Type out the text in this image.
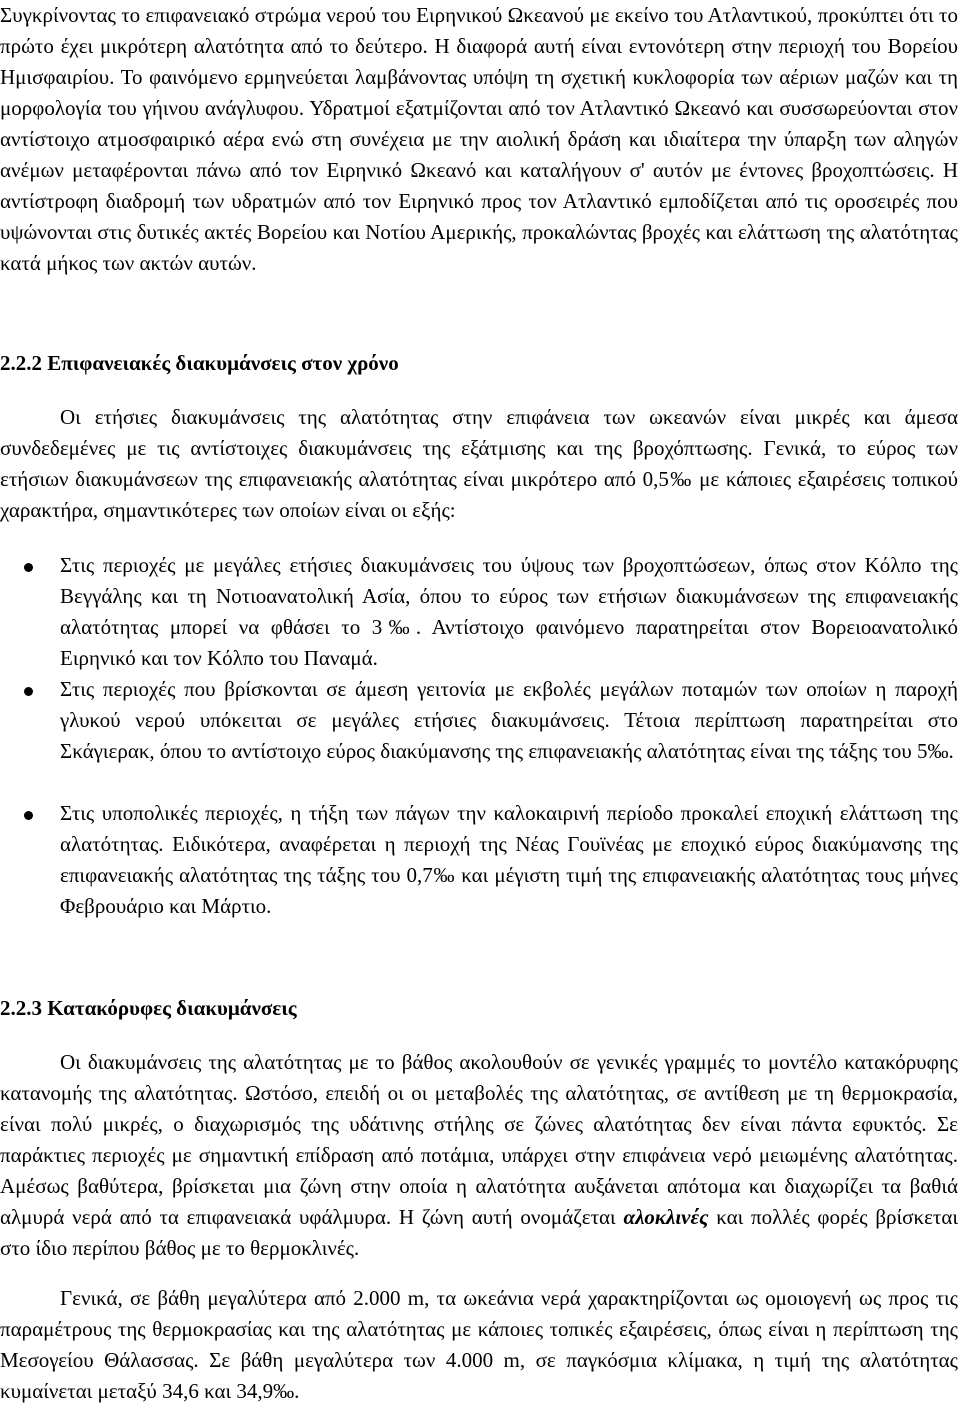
Συγκρίνοντας το επιφανειακό στρώμα νερού του Ειρηνικού Ωκεανού με εκείνο του Ατλαντικού, προκύπτει ότι το πρώτο έχει μικρότερη αλατότητα από το δεύτερο. Η διαφορά αυτή είναι εντονότερη στην περιοχή του Βορείου Ημισφαιρίου. Το φαινόμενο ερμηνεύεται λαμβάνοντας υπόψη τη σχετική κυκλοφορία των αέριων μαζών και τη μορφολογία του γήινου ανάγλυφου. Υδρατμοί εξατμίζονται από τον Ατλαντικό Ωκεανό και συσσωρεύονται στον αντίστοιχο ατμοσφαιρικό αέρα ενώ στη συνέχεια με την αιολική δράση και ιδιαίτερα την ύπαρξη των αληγών ανέμων μεταφέρονται πάνω από τον Ειρηνικό Ωκεανό και καταλήγουν σ' αυτόν με έντονες βροχοπτώσεις. Η αντίστροφη διαδρομή των υδρατμών από τον Ειρηνικό προς τον Ατλαντικό εμποδίζεται από τις οροσειρές που υψώνονται στις δυτικές ακτές Βορείου και Νοτίου Αμερικής, προκαλώντας βροχές και ελάττωση της αλατότητας κατά μήκος των ακτών αυτών.

2.2.2 Επιφανειακές διακυμάνσεις στον χρόνο

Οι ετήσιες διακυμάνσεις της αλατότητας στην επιφάνεια των ωκεανών είναι μικρές και άμεσα συνδεδεμένες με τις αντίστοιχες διακυμάνσεις της εξάτμισης και της βροχόπτωσης. Γενικά, το εύρος των ετήσιων διακυμάνσεων της επιφανειακής αλατότητας είναι μικρότερο από 0,5‰ με κάποιες εξαιρέσεις τοπικού χαρακτήρα, σημαντικότερες των οποίων είναι οι εξής:

Στις περιοχές με μεγάλες ετήσιες διακυμάνσεις του ύψους των βροχοπτώσεων, όπως στον Κόλπο της Βεγγάλης και τη Νοτιοανατολική Ασία, όπου το εύρος των ετήσιων διακυμάνσεων της επιφανειακής αλατότητας μπορεί να φθάσει το 3‰. Αντίστοιχο φαινόμενο παρατηρείται στον Βορειοανατολικό Ειρηνικό και τον Κόλπο του Παναμά.

Στις περιοχές που βρίσκονται σε άμεση γειτονία με εκβολές μεγάλων ποταμών των οποίων η παροχή γλυκού νερού υπόκειται σε μεγάλες ετήσιες διακυμάνσεις. Τέτοια περίπτωση παρατηρείται στο Σκάγιερακ, όπου το αντίστοιχο εύρος διακύμανσης της επιφανειακής αλατότητας είναι της τάξης του 5‰.

Στις υποπολικές περιοχές, η τήξη των πάγων την καλοκαιρινή περίοδο προκαλεί εποχική ελάττωση της αλατότητας. Ειδικότερα, αναφέρεται η περιοχή της Νέας Γουϊνέας με εποχικό εύρος διακύμανσης της επιφανειακής αλατότητας της τάξης του 0,7‰ και μέγιστη τιμή της επιφανειακής αλατότητας τους μήνες Φεβρουάριο και Μάρτιο.

2.2.3 Κατακόρυφες διακυμάνσεις

Οι διακυμάνσεις της αλατότητας με το βάθος ακολουθούν σε γενικές γραμμές το μοντέλο κατακόρυφης κατανομής της αλατότητας. Ωστόσο, επειδή οι οι μεταβολές της αλατότητας, σε αντίθεση με τη θερμοκρασία, είναι πολύ μικρές, ο διαχωρισμός της υδάτινης στήλης σε ζώνες αλατότητας δεν είναι πάντα εφυκτός. Σε παράκτιες περιοχές με σημαντική επίδραση από ποτάμια, υπάρχει στην επιφάνεια νερό μειωμένης αλατότητας. Αμέσως βαθύτερα, βρίσκεται μια ζώνη στην οποία η αλατότητα αυξάνεται απότομα και διαχωρίζει τα βαθιά αλμυρά νερά από τα επιφανειακά υφάλμυρα. Η ζώνη αυτή ονομάζεται αλοκλινές και πολλές φορές βρίσκεται στο ίδιο περίπου βάθος με το θερμοκλινές.

Γενικά, σε βάθη μεγαλύτερα από 2.000 m, τα ωκεάνια νερά χαρακτηρίζονται ως ομοιογενή ως προς τις παραμέτρους της θερμοκρασίας και της αλατότητας με κάποιες τοπικές εξαιρέσεις, όπως είναι η περίπτωση της Μεσογείου Θάλασσας. Σε βάθη μεγαλύτερα των 4.000 m, σε παγκόσμια κλίμακα, η τιμή της αλατότητας κυμαίνεται μεταξύ 34,6 και 34,9‰.
